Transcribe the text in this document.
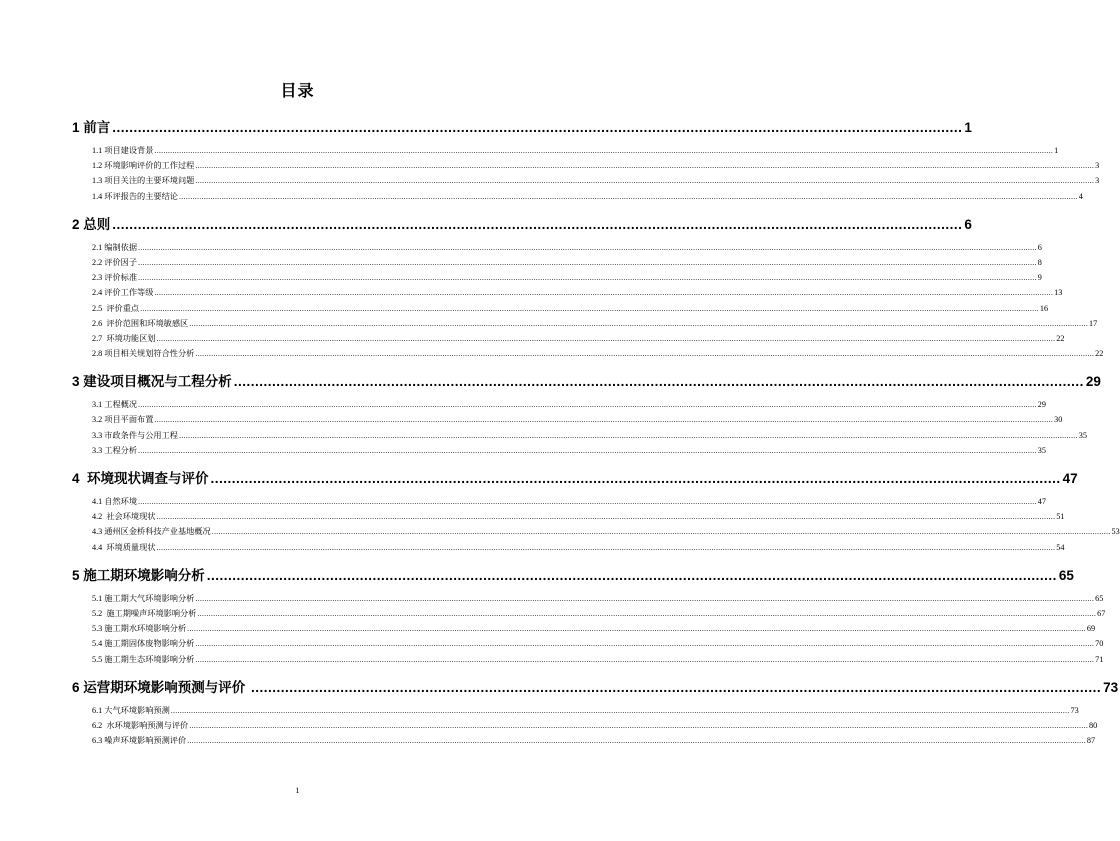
目录
1 前言 ........................................................................................................................................................................................................ 1
1.1 项目建设背景 ................................................................................................................................................................................................................................................................................................................................................................................................................ 1
1.2 环境影响评价的工作过程 ................................................................................................................................................................................................................................................................................................................................................................................................................ 3
1.3 项目关注的主要环境问题 ................................................................................................................................................................................................................................................................................................................................................................................................................ 3
1.4 环评报告的主要结论 ................................................................................................................................................................................................................................................................................................................................................................................................................ 4
2 总则 ........................................................................................................................................................................................................ 6
2.1 编制依据 ................................................................................................................................................................................................................................................................................................................................................................................................................ 6
2.2 评价因子 ................................................................................................................................................................................................................................................................................................................................................................................................................ 8
2.3 评价标准 ................................................................................................................................................................................................................................................................................................................................................................................................................ 9
2.4 评价工作等级 ................................................................................................................................................................................................................................................................................................................................................................................................................ 13
2.5  评价重点 ................................................................................................................................................................................................................................................................................................................................................................................................................ 16
2.6  评价范围和环境敏感区 ................................................................................................................................................................................................................................................................................................................................................................................................................ 17
2.7  环境功能区划 ................................................................................................................................................................................................................................................................................................................................................................................................................ 22
2.8 项目相关规划符合性分析 ................................................................................................................................................................................................................................................................................................................................................................................................................ 22
3 建设项目概况与工程分析 ........................................................................................................................................................................................................ 29
3.1 工程概况 ................................................................................................................................................................................................................................................................................................................................................................................................................ 29
3.2 项目平面布置 ................................................................................................................................................................................................................................................................................................................................................................................................................ 30
3.3 市政条件与公用工程 ................................................................................................................................................................................................................................................................................................................................................................................................................ 35
3.3 工程分析 ................................................................................................................................................................................................................................................................................................................................................................................................................ 35
4  环境现状调查与评价 ........................................................................................................................................................................................................ 47
4.1 自然环境 ................................................................................................................................................................................................................................................................................................................................................................................................................ 47
4.2  社会环境现状 ................................................................................................................................................................................................................................................................................................................................................................................................................ 51
4.3 通州区金桥科技产业基地概况 ................................................................................................................................................................................................................................................................................................................................................................................................................ 53
4.4  环境质量现状 ................................................................................................................................................................................................................................................................................................................................................................................................................ 54
5 施工期环境影响分析 ........................................................................................................................................................................................................ 65
5.1 施工期大气环境影响分析 ................................................................................................................................................................................................................................................................................................................................................................................................................ 65
5.2  施工期噪声环境影响分析 ................................................................................................................................................................................................................................................................................................................................................................................................................ 67
5.3 施工期水环境影响分析 ................................................................................................................................................................................................................................................................................................................................................................................................................ 69
5.4 施工期固体废物影响分析 ................................................................................................................................................................................................................................................................................................................................................................................................................ 70
5.5 施工期生态环境影响分析 ................................................................................................................................................................................................................................................................................................................................................................................................................ 71
6 运营期环境影响预测与评价 ........................................................................................................................................................................................................ 73
6.1 大气环境影响预测 ................................................................................................................................................................................................................................................................................................................................................................................................................ 73
6.2  水环境影响预测与评价 ................................................................................................................................................................................................................................................................................................................................................................................................................ 80
6.3 噪声环境影响预测评价 ................................................................................................................................................................................................................................................................................................................................................................................................................ 87
1
